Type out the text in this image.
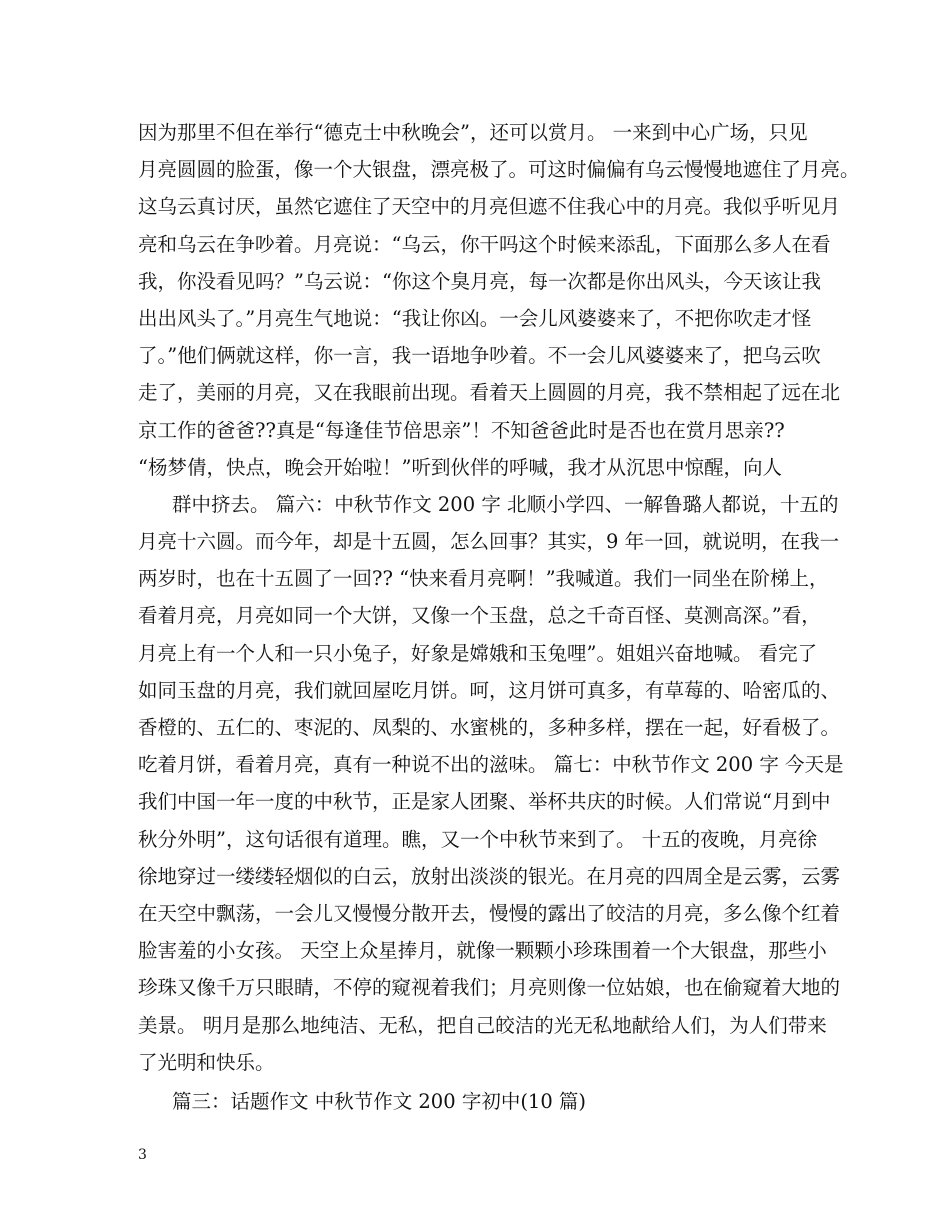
因为那里不但在举行“德克士中秋晚会”，还可以赏月。 一来到中心广场，只见
月亮圆圆的脸蛋，像一个大银盘，漂亮极了。可这时偏偏有乌云慢慢地遮住了月亮。
这乌云真讨厌，虽然它遮住了天空中的月亮但遮不住我心中的月亮。我似乎听见月
亮和乌云在争吵着。月亮说：“乌云，你干吗这个时候来添乱，下面那么多人在看
我，你没看见吗？”乌云说：“你这个臭月亮，每一次都是你出风头，今天该让我
出出风头了。”月亮生气地说：“我让你凶。一会儿风婆婆来了，不把你吹走才怪
了。”他们俩就这样，你一言，我一语地争吵着。不一会儿风婆婆来了，把乌云吹
走了，美丽的月亮，又在我眼前出现。看着天上圆圆的月亮，我不禁相起了远在北
京工作的爸爸??真是“每逢佳节倍思亲”！不知爸爸此时是否也在赏月思亲??
“杨梦倩，快点，晚会开始啦！”听到伙伴的呼喊，我才从沉思中惊醒，向人
群中挤去。 篇六：中秋节作文 200 字 北顺小学四、一解鲁璐人都说，十五的
月亮十六圆。而今年，却是十五圆，怎么回事？其实，9 年一回，就说明，在我一
两岁时，也在十五圆了一回?? “快来看月亮啊！”我喊道。我们一同坐在阶梯上，
看着月亮，月亮如同一个大饼，又像一个玉盘，总之千奇百怪、莫测高深。”看，
月亮上有一个人和一只小兔子，好象是嫦娥和玉兔哩”。姐姐兴奋地喊。 看完了
如同玉盘的月亮，我们就回屋吃月饼。呵，这月饼可真多，有草莓的、哈密瓜的、
香橙的、五仁的、枣泥的、凤梨的、水蜜桃的，多种多样，摆在一起，好看极了。
吃着月饼，看着月亮，真有一种说不出的滋味。 篇七：中秋节作文 200 字 今天是
我们中国一年一度的中秋节，正是家人团聚、举杯共庆的时候。人们常说“月到中
秋分外明”，这句话很有道理。瞧，又一个中秋节来到了。 十五的夜晚，月亮徐
徐地穿过一缕缕轻烟似的白云，放射出淡淡的银光。在月亮的四周全是云雾，云雾
在天空中飘荡，一会儿又慢慢分散开去，慢慢的露出了皎洁的月亮，多么像个红着
脸害羞的小女孩。 天空上众星捧月，就像一颗颗小珍珠围着一个大银盘，那些小
珍珠又像千万只眼睛，不停的窥视着我们；月亮则像一位姑娘，也在偷窥着大地的
美景。 明月是那么地纯洁、无私，把自己皎洁的光无私地献给人们，为人们带来
了光明和快乐。
篇三：话题作文 中秋节作文 200 字初中(10 篇)
3
